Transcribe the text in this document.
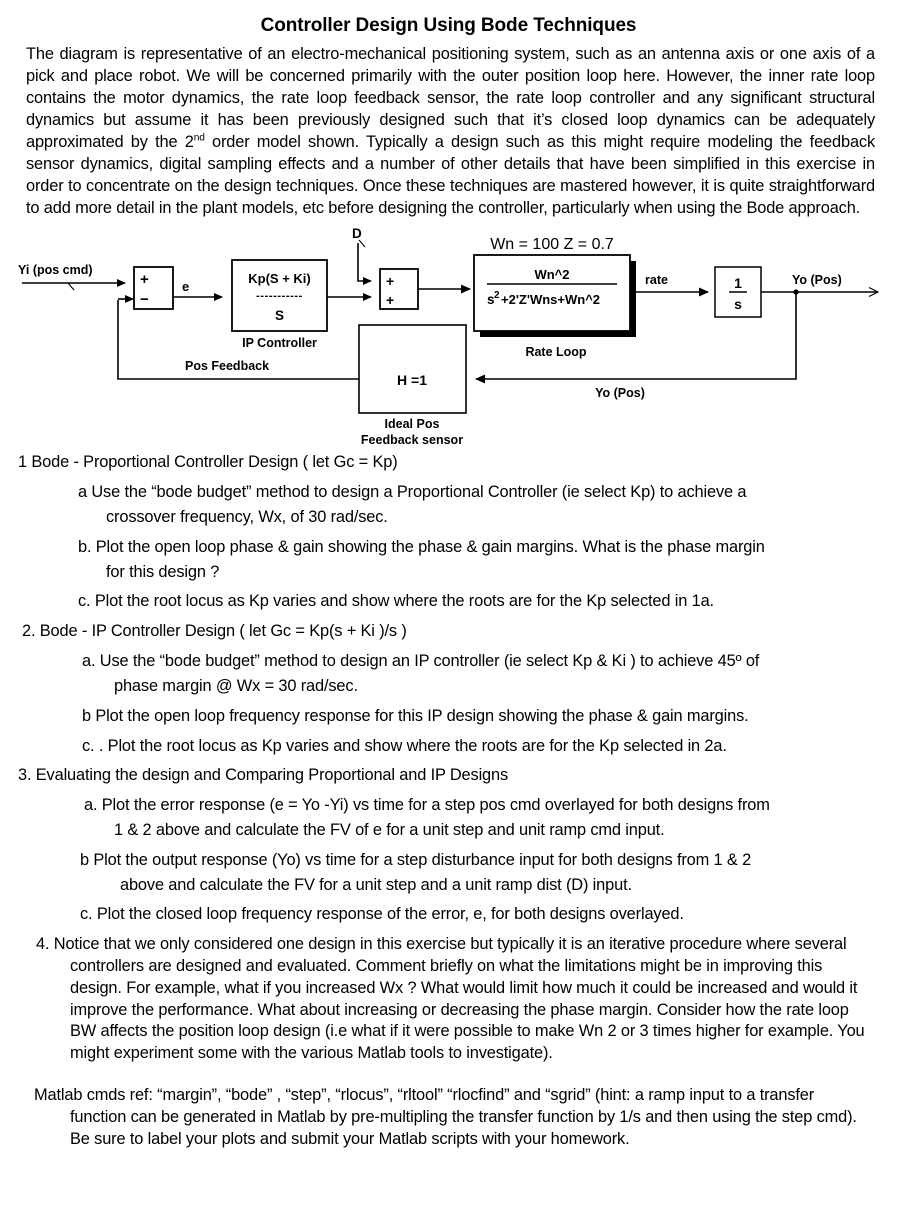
Controller Design Using Bode Techniques

The diagram is representative of an electro-mechanical positioning system, such as an antenna axis or one axis of a pick and place robot. We will be concerned primarily with the outer position loop here. However, the inner rate loop contains the motor dynamics, the rate loop feedback sensor, the rate loop controller and any significant structural dynamics but assume it has been previously designed such that it’s closed loop dynamics can be adequately approximated by the 2nd order model shown. Typically a design such as this might require modeling the feedback sensor dynamics, digital sampling effects and a number of other details that have been simplified in this exercise in order to concentrate on the design techniques. Once these techniques are mastered however, it is quite straightforward to add more detail in the plant models, etc before designing the controller, particularly when using the Bode approach.

Yi (pos cmd)
+
−
e
Kp(S + Ki)
-----------
S
IP Controller
D
+
+
Wn^2
s 2 +2'Z'Wns+Wn^2
Wn = 100 Z = 0.7
Rate Loop
rate	1
s
Yo (Pos)
Yo (Pos)
H =1
Ideal Pos
Feedback sensor
Pos Feedback
1 Bode - Proportional Controller Design ( let Gc = Kp)
a Use the “bode budget” method to design a Proportional Controller (ie select Kp) to achieve a
crossover frequency, Wx, of 30 rad/sec.
b. Plot the open loop phase & gain showing the phase & gain margins. What is the phase margin
for this design ?
c. Plot the root locus as Kp varies and show where the roots are for the Kp selected in 1a.
2. Bode - IP Controller Design ( let Gc = Kp(s + Ki )/s )
a. Use the “bode budget” method to design an IP controller (ie select Kp & Ki ) to achieve 45º of
phase margin @ Wx = 30 rad/sec.
b Plot the open loop frequency response for this IP design showing the phase & gain margins.
c. . Plot the root locus as Kp varies and show where the roots are for the Kp selected in 2a.
3. Evaluating the design and Comparing Proportional and IP Designs
a. Plot the error response (e = Yo -Yi) vs time for a step pos cmd overlayed for both designs from
1 & 2 above and calculate the FV of e for a unit step and unit ramp cmd input.
b Plot the output response (Yo) vs time for a step disturbance input for both designs from 1 & 2
above and calculate the FV for a unit step and a unit ramp dist (D) input.
c. Plot the closed loop frequency response of the error, e, for both designs overlayed.
4. Notice that we only considered one design in this exercise but typically it is an iterative procedure where several controllers are designed and evaluated. Comment briefly on what the limitations might be in improving this design. For example, what if you increased Wx ? What would limit how much it could be increased and would it improve the performance. What about increasing or decreasing the phase margin. Consider how the rate loop BW affects the position loop design (i.e what if it were possible to make Wn 2 or 3 times higher for example. You might experiment some with the various Matlab tools to investigate).
Matlab cmds ref: “margin”, “bode” , “step”, “rlocus”, “rltool” “rlocfind” and “sgrid” (hint: a ramp input to a transfer function can be generated in Matlab by pre-multipling the transfer function by 1/s and then using the step cmd). Be sure to label your plots and submit your Matlab scripts with your homework.
